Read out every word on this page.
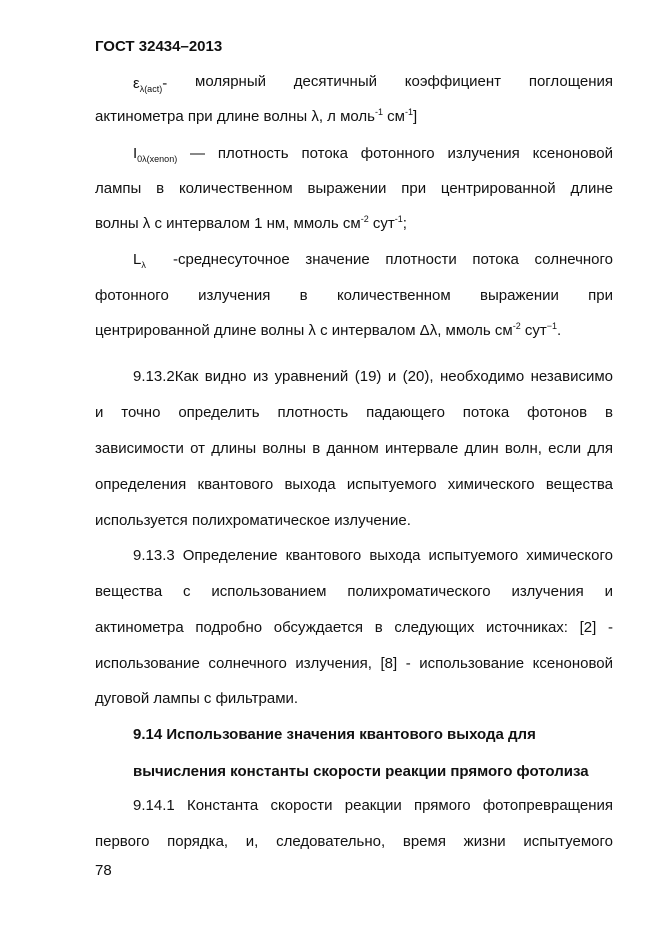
ГОСТ 32434–2013
$\varepsilon_{\lambda(act)}-$ молярный десятичный коэффициент поглощения
актинометра при длине волны λ, л моль$^{-1}$ $см^{-1}$]
$I_{0\lambda(xenon)}$ — плотность потока фотонного излучения ксеноновой
лампы в количественном выражении при центрированной длине
волны λ с интервалом 1 нм, ммоль $см^{-2}$ сут$^{-1}$;
$L_\lambda$ -среднесуточное значение плотности потока солнечного
фотонного излучения в количественном выражении при
центрированной длине волны λ с интервалом Δλ, ммоль $см^{-2}$ сут$^{-1}$.
9.13.2Как видно из уравнений (19) и (20), необходимо независимо
и точно определить плотность падающего потока фотонов в
зависимости от длины волны в данном интервале длин волн, если для
определения квантового выхода испытуемого химического вещества
используется полихроматическое излучение.
9.13.3 Определение квантового выхода испытуемого химического
вещества с использованием полихроматического излучения и
актинометра подробно обсуждается в следующих источниках: [2] -
использование солнечного излучения, [8] - использование ксеноновой
дуговой лампы с фильтрами.
9.14 Использование значения квантового выхода для
вычисления константы скорости реакции прямого фотолиза
9.14.1 Константа скорости реакции прямого фотопревращения
первого порядка, и, следовательно, время жизни испытуемого
78
